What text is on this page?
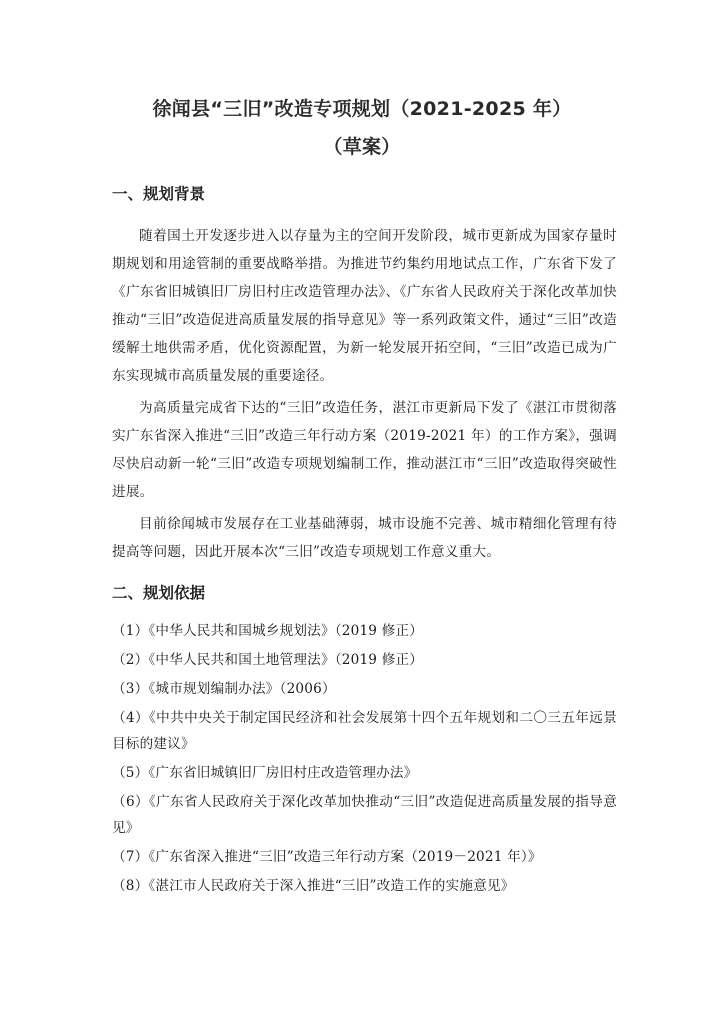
徐闻县“三旧”改造专项规划（2021-2025 年）
（草案）
一、规划背景

随着国土开发逐步进入以存量为主的空间开发阶段，城市更新成为国家存量时期规划和用途管制的重要战略举措。为推进节约集约用地试点工作，广东省下发了《广东省旧城镇旧厂房旧村庄改造管理办法》、《广东省人民政府关于深化改革加快推动“三旧”改造促进高质量发展的指导意见》等一系列政策文件，通过“三旧”改造缓解土地供需矛盾，优化资源配置，为新一轮发展开拓空间，“三旧”改造已成为广东实现城市高质量发展的重要途径。

为高质量完成省下达的“三旧”改造任务，湛江市更新局下发了《湛江市贯彻落实广东省深入推进“三旧”改造三年行动方案（2019-2021 年）的工作方案》，强调尽快启动新一轮“三旧”改造专项规划编制工作，推动湛江市“三旧”改造取得突破性进展。

目前徐闻城市发展存在工业基础薄弱，城市设施不完善、城市精细化管理有待提高等问题，因此开展本次“三旧”改造专项规划工作意义重大。

二、规划依据
（1）《中华人民共和国城乡规划法》（2019 修正）
（2）《中华人民共和国土地管理法》（2019 修正）
（3）《城市规划编制办法》（2006）
（4）《中共中央关于制定国民经济和社会发展第十四个五年规划和二〇三五年远景目标的建议》
（5）《广东省旧城镇旧厂房旧村庄改造管理办法》
（6）《广东省人民政府关于深化改革加快推动“三旧”改造促进高质量发展的指导意见》
（7）《广东省深入推进“三旧”改造三年行动方案（2019－2021 年）》
（8）《湛江市人民政府关于深入推进“三旧”改造工作的实施意见》
